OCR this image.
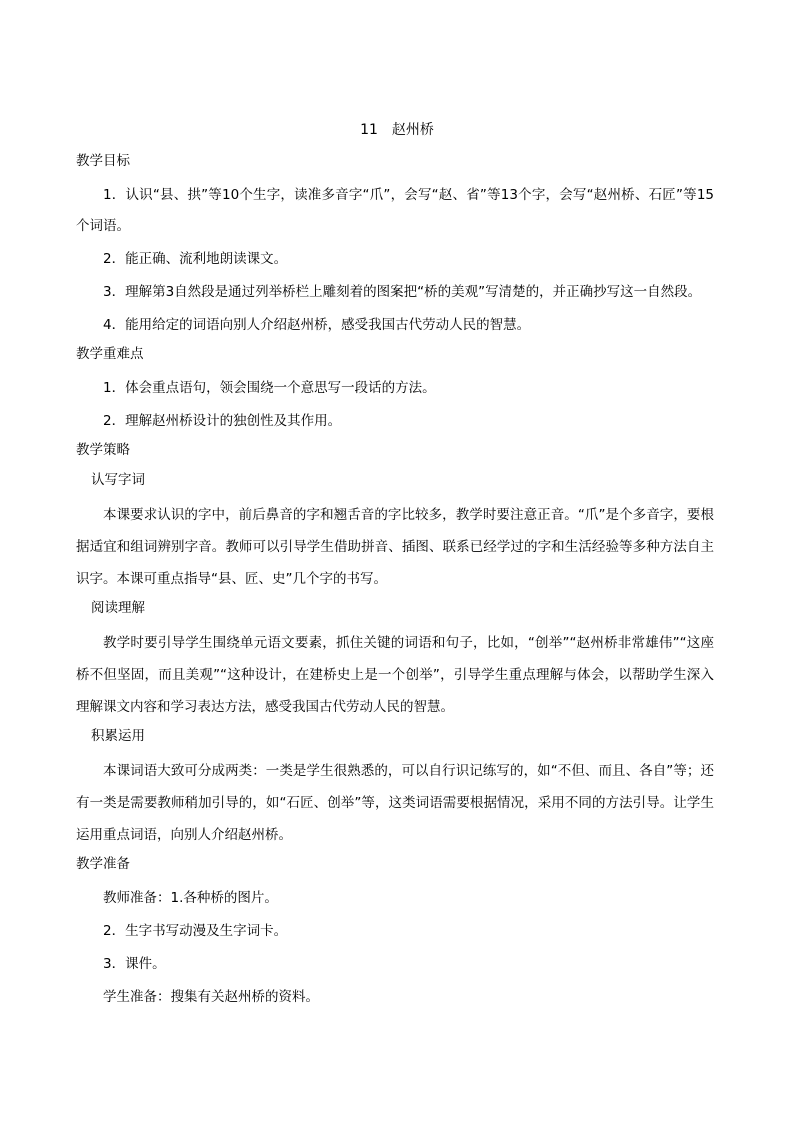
11　赵州桥
教学目标

1．认识“县、拱”等10个生字，读准多音字“爪”，会写“赵、省”等13个字，会写“赵州桥、石匠”等15个词语。

2．能正确、流利地朗读课文。

3．理解第3自然段是通过列举桥栏上雕刻着的图案把“桥的美观”写清楚的，并正确抄写这一自然段。

4．能用给定的词语向别人介绍赵州桥，感受我国古代劳动人民的智慧。

教学重难点

1．体会重点语句，领会围绕一个意思写一段话的方法。

2．理解赵州桥设计的独创性及其作用。

教学策略
认写字词

本课要求认识的字中，前后鼻音的字和翘舌音的字比较多，教学时要注意正音。“爪”是个多音字，要根据适宜和组词辨别字音。教师可以引导学生借助拼音、插图、联系已经学过的字和生活经验等多种方法自主识字。本课可重点指导“县、匠、史”几个字的书写。

阅读理解

教学时要引导学生围绕单元语文要素，抓住关键的词语和句子，比如，“创举”“赵州桥非常雄伟”“这座桥不但坚固，而且美观”“这种设计，在建桥史上是一个创举”，引导学生重点理解与体会，以帮助学生深入理解课文内容和学习表达方法，感受我国古代劳动人民的智慧。

积累运用

本课词语大致可分成两类：一类是学生很熟悉的，可以自行识记练写的，如“不但、而且、各自”等；还有一类是需要教师稍加引导的，如“石匠、创举”等，这类词语需要根据情况，采用不同的方法引导。让学生运用重点词语，向别人介绍赵州桥。

教学准备

教师准备：1.各种桥的图片。

2．生字书写动漫及生字词卡。

3．课件。

学生准备：搜集有关赵州桥的资料。
